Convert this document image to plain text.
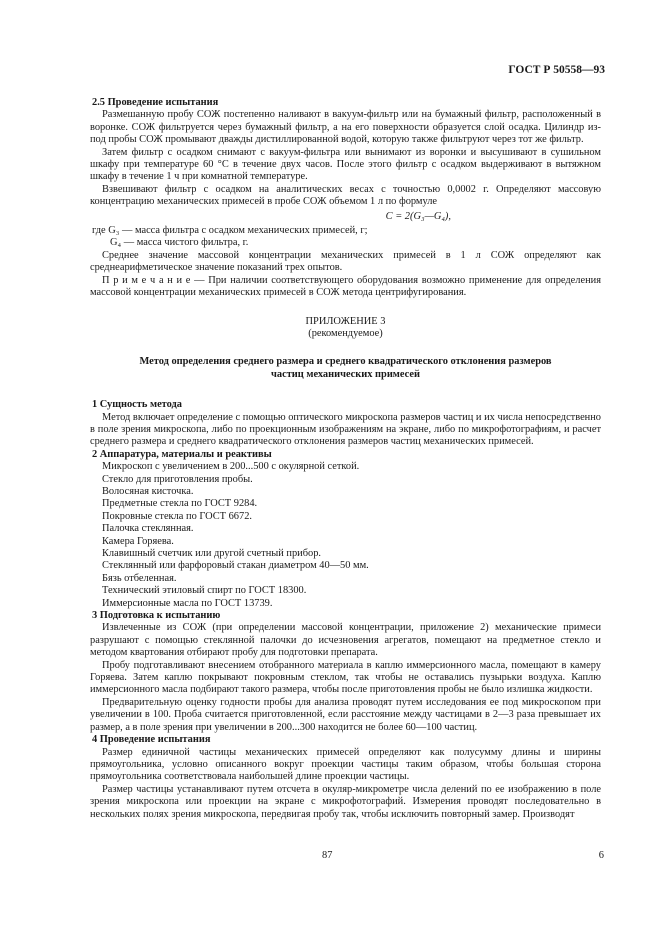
ГОСТ Р 50558—93

2.5 Проведение испытания

Размешанную пробу СОЖ постепенно наливают в вакуум-фильтр или на бумажный фильтр, расположенный в воронке. СОЖ фильтруется через бумажный фильтр, а на его поверхности образуется слой осадка. Цилиндр из-под пробы СОЖ промывают дважды дистиллированной водой, которую также фильтруют через тот же фильтр.

Затем фильтр с осадком снимают с вакуум-фильтра или вынимают из воронки и высушивают в сушильном шкафу при температуре 60 °С в течение двух часов. После этого фильтр с осадком выдерживают в вытяжном шкафу в течение 1 ч при комнатной температуре.

Взвешивают фильтр с осадком на аналитических весах с точностью 0,0002 г. Определяют массовую концентрацию механических примесей в пробе СОЖ объемом 1 л по формуле

C = 2(G₃—G₄),

где G₃ — масса фильтра с осадком механических примесей, г;

G₄ — масса чистого фильтра, г.

Среднее значение массовой концентрации механических примесей в 1 л СОЖ определяют как среднеарифметическое значение показаний трех опытов.

П р и м е ч а н и е — При наличии соответствующего оборудования возможно применение для определения массовой концентрации механических примесей в СОЖ метода центрифугирования.

ПРИЛОЖЕНИЕ 3

(рекомендуемое)

Метод определения среднего размера и среднего квадратического отклонения размеров частиц механических примесей

1 Сущность метода

Метод включает определение с помощью оптического микроскопа размеров частиц и их числа непосредственно в поле зрения микроскопа, либо по проекционным изображениям на экране, либо по микрофотографиям, и расчет среднего размера и среднего квадратического отклонения размеров частиц механических примесей.

2 Аппаратура, материалы и реактивы

Микроскоп с увеличением в 200...500 с окулярной сеткой.

Стекло для приготовления пробы.

Волосяная кисточка.

Предметные стекла по ГОСТ 9284.

Покровные стекла по ГОСТ 6672.

Палочка стеклянная.

Камера Горяева.

Клавишный счетчик или другой счетный прибор.

Стеклянный или фарфоровый стакан диаметром 40—50 мм.

Бязь отбеленная.

Технический этиловый спирт по ГОСТ 18300.

Иммерсионные масла по ГОСТ 13739.

3 Подготовка к испытанию

Извлеченные из СОЖ (при определении массовой концентрации, приложение 2) механические примеси разрушают с помощью стеклянной палочки до исчезновения агрегатов, помещают на предметное стекло и методом квартования отбирают пробу для подготовки препарата.

Пробу подготавливают внесением отобранного материала в каплю иммерсионного масла, помещают в камеру Горяева. Затем каплю покрывают покровным стеклом, так чтобы не оставались пузырьки воздуха. Каплю иммерсионного масла подбирают такого размера, чтобы после приготовления пробы не было излишка жидкости.

Предварительную оценку годности пробы для анализа проводят путем исследования ее под микроскопом при увеличении в 100. Проба считается приготовленной, если расстояние между частицами в 2—3 раза превышает их размер, а в поле зрения при увеличении в 200...300 находится не более 60—100 частиц.

4 Проведение испытания

Размер единичной частицы механических примесей определяют как полусумму длины и ширины прямоугольника, условно описанного вокруг проекции частицы таким образом, чтобы большая сторона прямоугольника соответствовала наибольшей длине проекции частицы.

Размер частицы устанавливают путем отсчета в окуляр-микрометре числа делений по ее изображению в поле зрения микроскопа или проекции на экране с микрофотографий. Измерения проводят последовательно в нескольких полях зрения микроскопа, передвигая пробу так, чтобы исключить повторный замер. Производят

87	6
